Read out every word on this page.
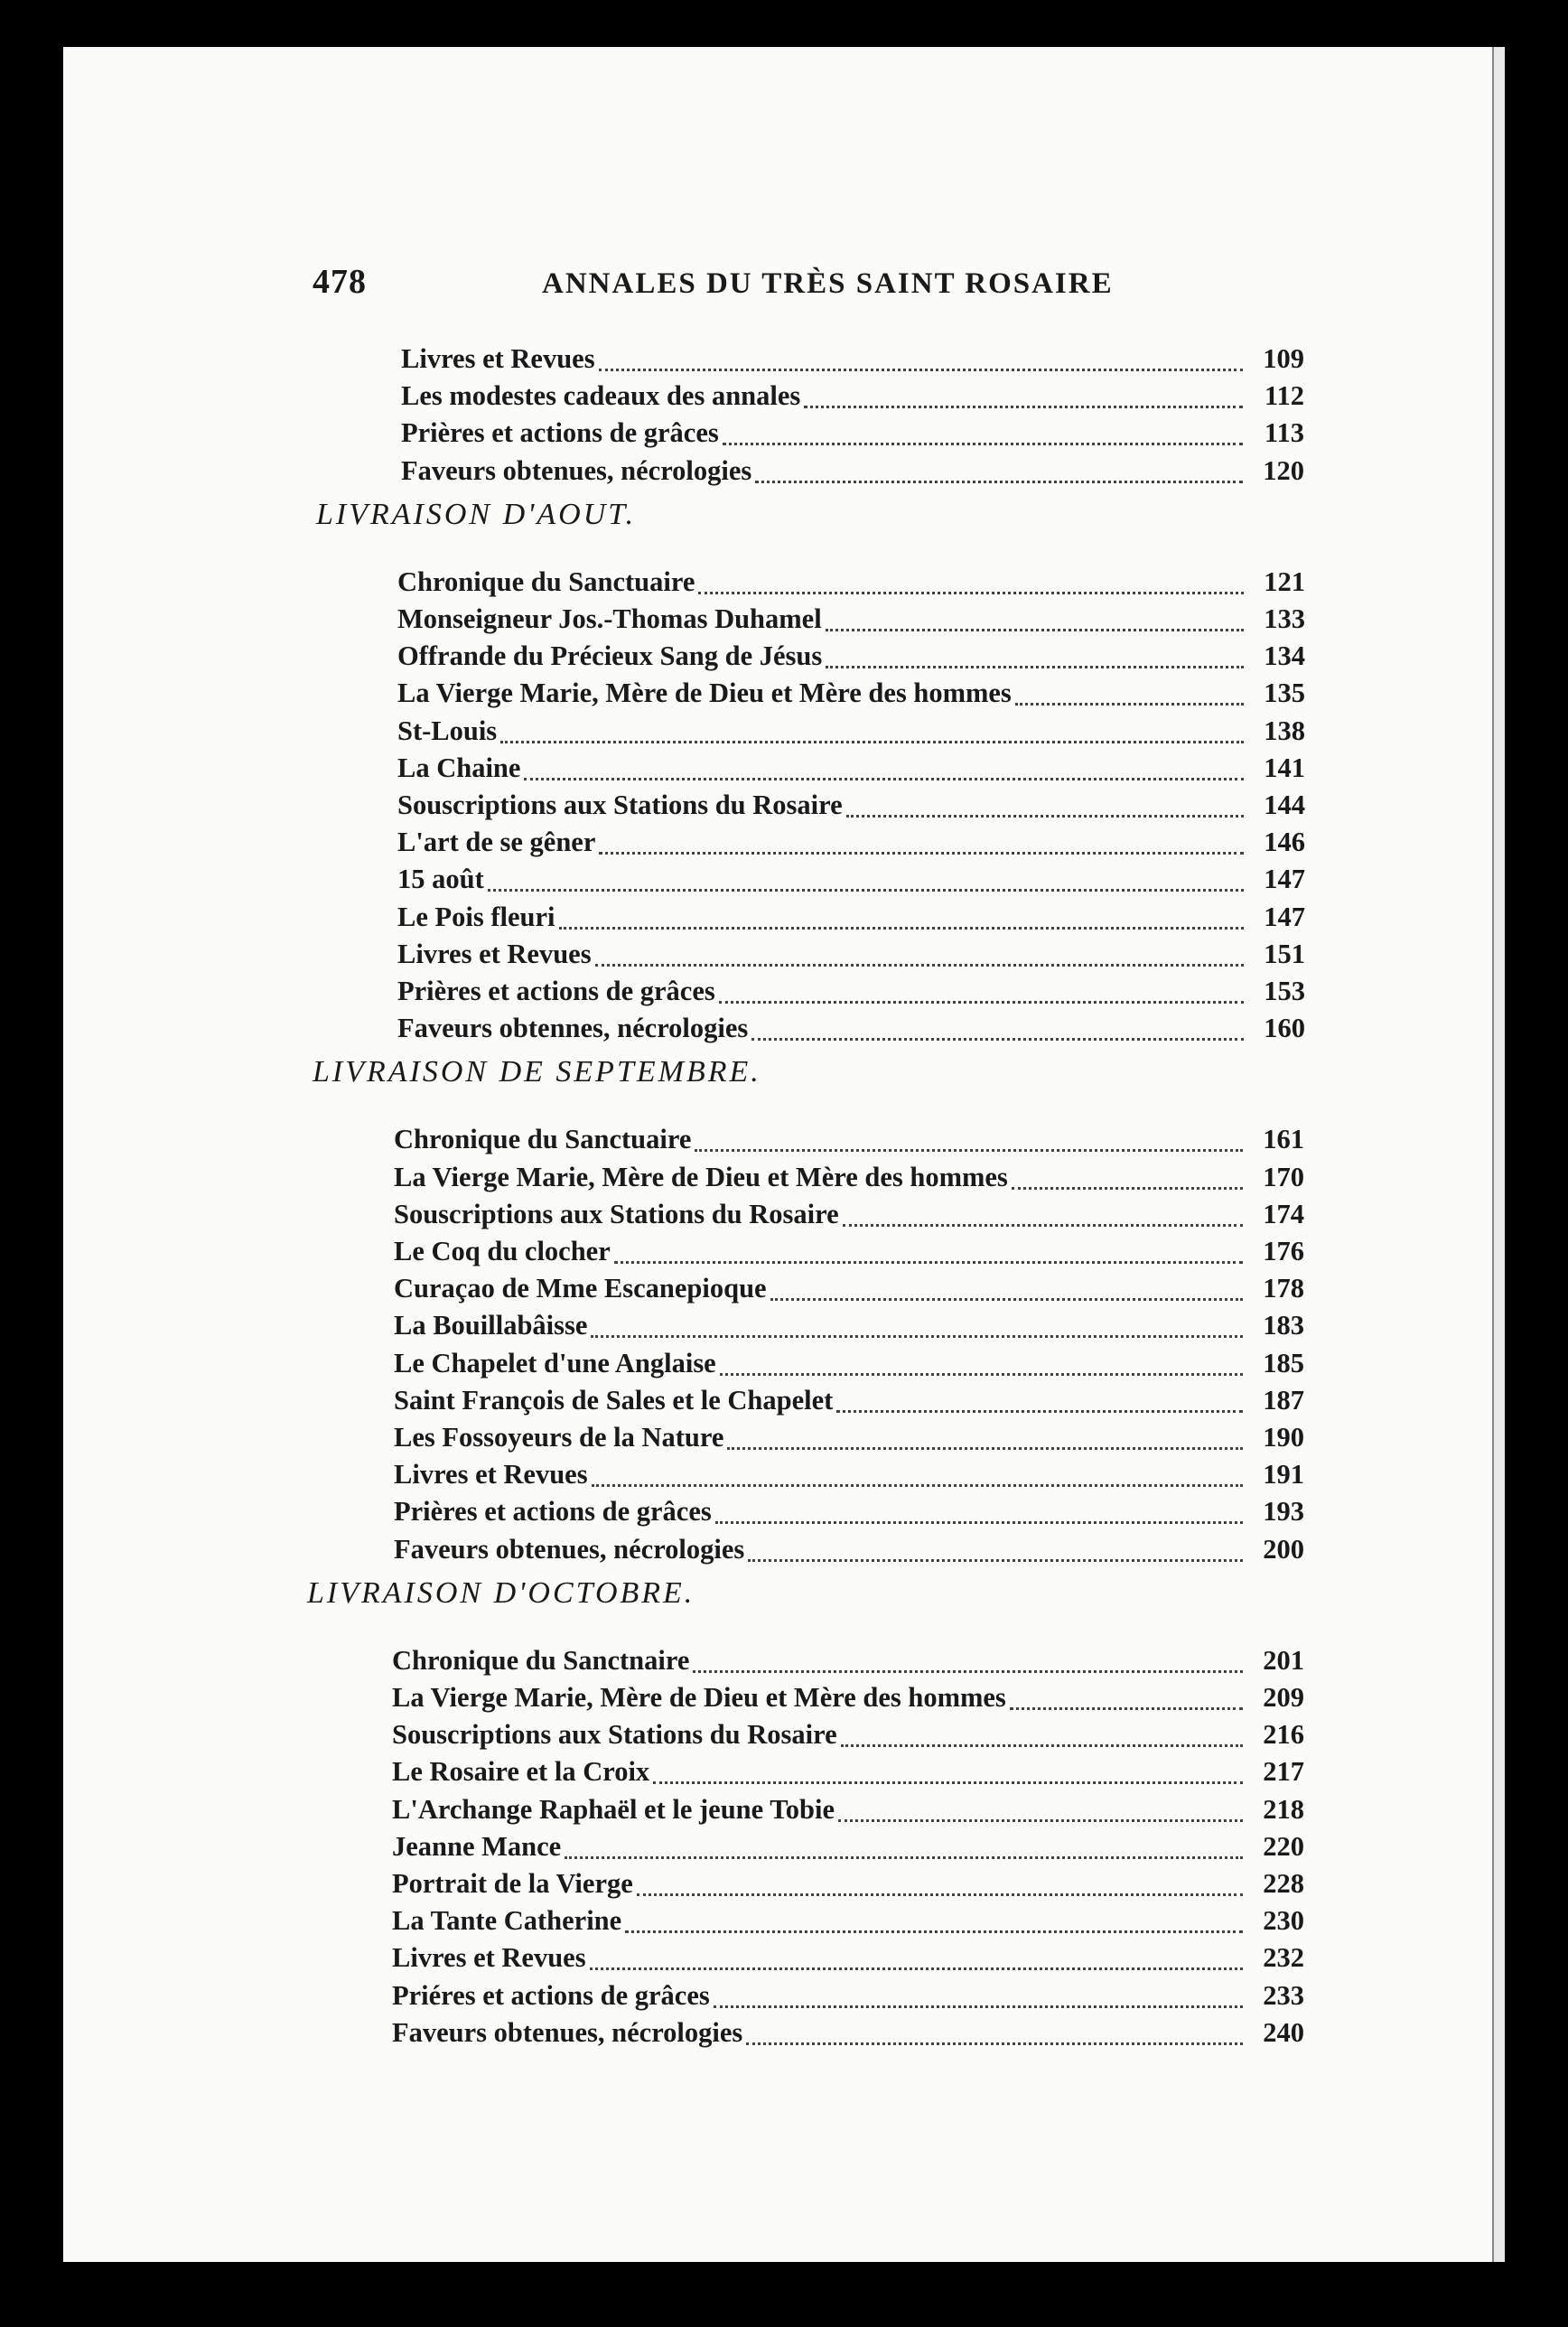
478	ANNALES DU TRÈS SAINT ROSAIRE
Livres et Revues	109
Les modestes cadeaux des annales	112
Prières et actions de grâces	113
Faveurs obtenues, nécrologies	120
LIVRAISON D'AOUT.
Chronique du Sanctuaire	121
Monseigneur Jos.-Thomas Duhamel	133
Offrande du Précieux Sang de Jésus	134
La Vierge Marie, Mère de Dieu et Mère des hommes	135
St-Louis	138
La Chaine	141
Souscriptions aux Stations du Rosaire	144
L'art de se gêner	146
15 août	147
Le Pois fleuri	147
Livres et Revues	151
Prières et actions de grâces	153
Faveurs obtennes, nécrologies	160
LIVRAISON DE SEPTEMBRE.
Chronique du Sanctuaire	161
La Vierge Marie, Mère de Dieu et Mère des hommes	170
Souscriptions aux Stations du Rosaire	174
Le Coq du clocher	176
Curaçao de Mme Escanepioque	178
La Bouillabâisse	183
Le Chapelet d'une Anglaise	185
Saint François de Sales et le Chapelet	187
Les Fossoyeurs de la Nature	190
Livres et Revues	191
Prières et actions de grâces	193
Faveurs obtenues, nécrologies	200
LIVRAISON D'OCTOBRE.
Chronique du Sanctnaire	201
La Vierge Marie, Mère de Dieu et Mère des hommes	209
Souscriptions aux Stations du Rosaire	216
Le Rosaire et la Croix	217
L'Archange Raphaël et le jeune Tobie	218
Jeanne Mance	220
Portrait de la Vierge	228
La Tante Catherine	230
Livres et Revues	232
Priéres et actions de grâces	233
Faveurs obtenues, nécrologies	240
